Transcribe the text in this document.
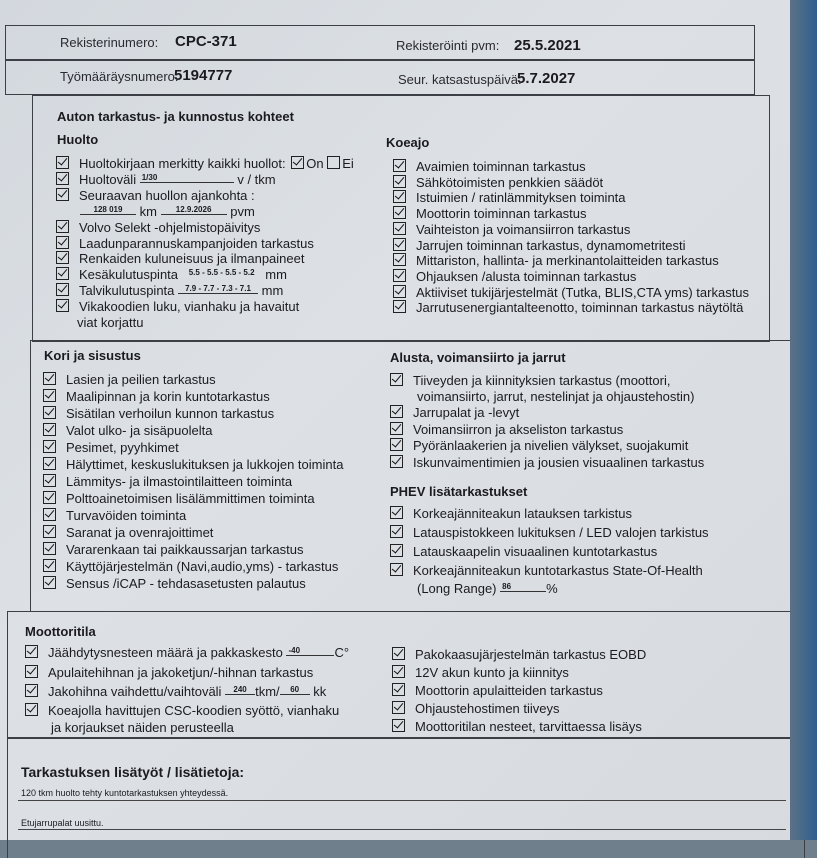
Rekisterinumero: CPC-371	Rekisteröinti pvm: 25.5.2021
Työmääräysnumero:
5194777	Seur. katsastuspäivä:
5.7.2027
Auton tarkastus- ja kunnostus kohteet
Huolto	Koeajo
Huoltokirjaan merkitty kaikki huollot: On Ei
Huoltoväli 1/30	v / tkm
Seuraavan huollon ajankohta :
128 019 km 12.9.2026 pvm
Volvo Selekt -ohjelmistopäivitys
Laadunparannuskampanjoiden tarkastus
Renkaiden kuluneisuus ja ilmanpaineet
Kesäkulutuspinta 5.5 - 5.5 - 5.5 - 5.2 mm
Talvikulutuspinta 7.9 - 7.7 - 7.3 - 7.1 mm
Vikakoodien luku, vianhaku ja havaitut
viat korjattu
Avaimien toiminnan tarkastus
Sähkötoimisten penkkien säädöt
Istuimien / ratinlämmityksen toiminta
Moottorin toiminnan tarkastus
Vaihteiston ja voimansiirron tarkastus
Jarrujen toiminnan tarkastus, dynamometritesti
Mittariston, hallinta- ja merkinantolaitteiden tarkastus
Ohjauksen /alusta toiminnan tarkastus
Aktiiviset tukijärjestelmät (Tutka, BLIS,CTA yms) tarkastus
Jarrutusenergiantalteenotto, toiminnan tarkastus näytöltä
Kori ja sisustus	Alusta, voimansiirto ja jarrut
Lasien ja peilien tarkastus
Maalipinnan ja korin kuntotarkastus
Sisätilan verhoilun kunnon tarkastus
Valot ulko- ja sisäpuolelta
Pesimet, pyyhkimet
Hälyttimet, keskuslukituksen ja lukkojen toiminta
Lämmitys- ja ilmastointilaitteen toiminta
Polttoainetoimisen lisälämmittimen toiminta
Turvavöiden toiminta
Saranat ja ovenrajoittimet
Vararenkaan tai paikkaussarjan tarkastus
Käyttöjärjestelmän (Navi,audio,yms) - tarkastus
Sensus /iCAP - tehdasasetusten palautus
Tiiveyden ja kiinnityksien tarkastus (moottori,
voimansiirto, jarrut, nestelinjat ja ohjaustehostin)
Jarrupalat ja -levyt
Voimansiirron ja akseliston tarkastus
Pyöränlaakerien ja nivelien välykset, suojakumit
Iskunvaimentimien ja jousien visuaalinen tarkastus
PHEV lisätarkastukset
Korkeajänniteakun latauksen tarkistus
Latauspistokkeen lukituksen / LED valojen tarkistus
Latauskaapelin visuaalinen kuntotarkastus
Korkeajänniteakun kuntotarkastus State-Of-Health
(Long Range) 86	%
Moottoritila
Jäähdytysnesteen määrä ja pakkaskesto -40	C°
Apulaitehihnan ja jakoketjun/-hihnan tarkastus
Jakohihna vaihdettu/vaihtoväli 240 tkm/ 60 kk
Koeajolla havittujen CSC-koodien syöttö, vianhaku
ja korjaukset näiden perusteella
Pakokaasujärjestelmän tarkastus EOBD
12V akun kunto ja kiinnitys
Moottorin apulaitteiden tarkastus
Ohjaustehostimen tiiveys
Moottoritilan nesteet, tarvittaessa lisäys
Tarkastuksen lisätyöt / lisätietoja:
120 tkm huolto tehty kuntotarkastuksen yhteydessä.
Etujarrupalat uusittu.
